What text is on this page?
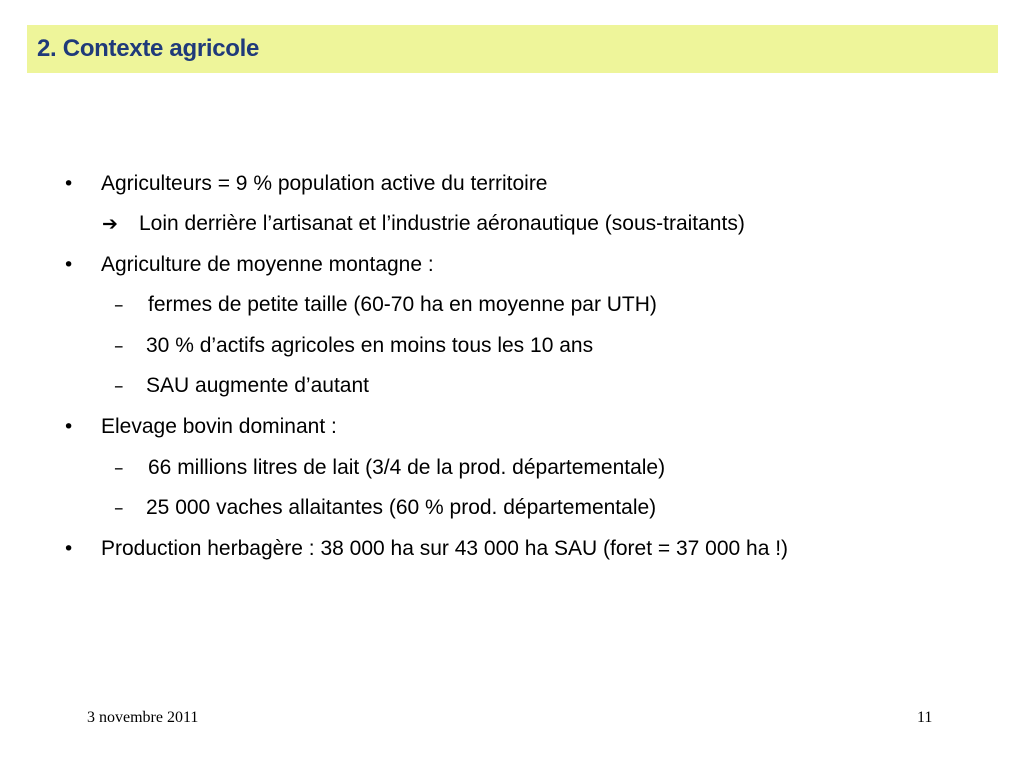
2. Contexte agricole
• Agriculteurs = 9 % population active du territoire
➔ Loin derrière l’artisanat et l’industrie aéronautique (sous-traitants)
• Agriculture de moyenne montagne :
– fermes de petite taille (60-70 ha en moyenne par UTH)
– 30 % d’actifs agricoles en moins tous les 10 ans
– SAU augmente d’autant
• Elevage bovin dominant :
– 66 millions litres de lait (3/4 de la prod. départementale)
– 25 000 vaches allaitantes (60 % prod. départementale)
• Production herbagère : 38 000 ha sur 43 000 ha SAU (foret = 37 000 ha !)
3 novembre 2011	11
